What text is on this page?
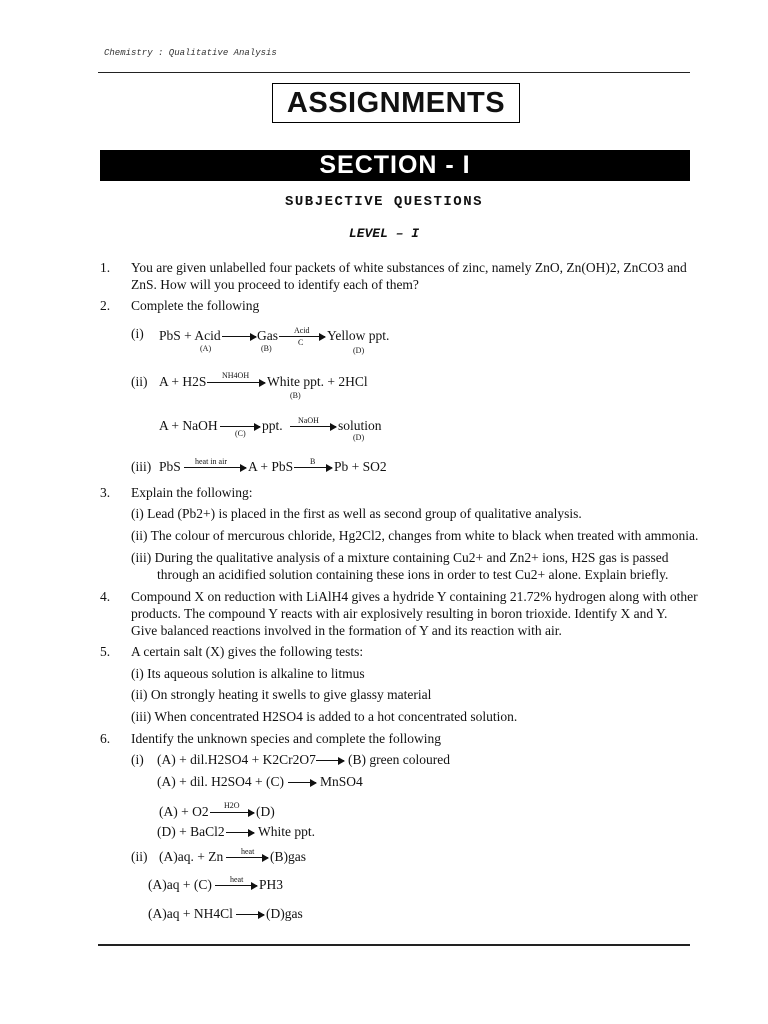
Chemistry : Qualitative Analysis
ASSIGNMENTS
SECTION - I
SUBJECTIVE QUESTIONS
LEVEL – I
1. You are given unlabelled four packets of white substances of zinc, namely ZnO, Zn(OH)2, ZnCO3 and
ZnS. How will you proceed to identify each of them?
2. Complete the following
(i) PbS + Acid
(A)
→ Gas
(B)
Acid
C Yellow ppt.
(D)
(ii) A + H2S NH4OH → White ppt. + 2HCl
(B)
A + NaOH →
(C)
ppt. NaOH → solution
(D)
(iii) PbS heat in air → A + PbS B → Pb + SO2
3. Explain the following:
(i) Lead (Pb2+) is placed in the first as well as second group of qualitative analysis.
(ii) The colour of mercurous chloride, Hg2Cl2, changes from white to black when treated with ammonia.
(iii) During the qualitative analysis of a mixture containing Cu2+ and Zn2+ ions, H2S gas is passed
through an acidified solution containing these ions in order to test Cu2+ alone. Explain briefly.
4. Compound X on reduction with LiAlH4 gives a hydride Y containing 21.72% hydrogen along with other
products. The compound Y reacts with air explosively resulting in boron trioxide. Identify X and Y.
Give balanced reactions involved in the formation of Y and its reaction with air.
5. A certain salt (X) gives the following tests:
(i) Its aqueous solution is alkaline to litmus
(ii) On strongly heating it swells to give glassy material
(iii) When concentrated H2SO4 is added to a hot concentrated solution.
6. Identify the unknown species and complete the following
(i) (A) + dil.H2SO4 + K2Cr2O7 → (B) green coloured
(A) + dil. H2SO4 + (C) → MnSO4
(A) + O2 H2O → (D)
(D) + BaCl2 → White ppt.
(ii) (A)aq. + Zn heat → (B)gas
(A)aq + (C) heat → PH3
(A)aq + NH4Cl → (D)gas
